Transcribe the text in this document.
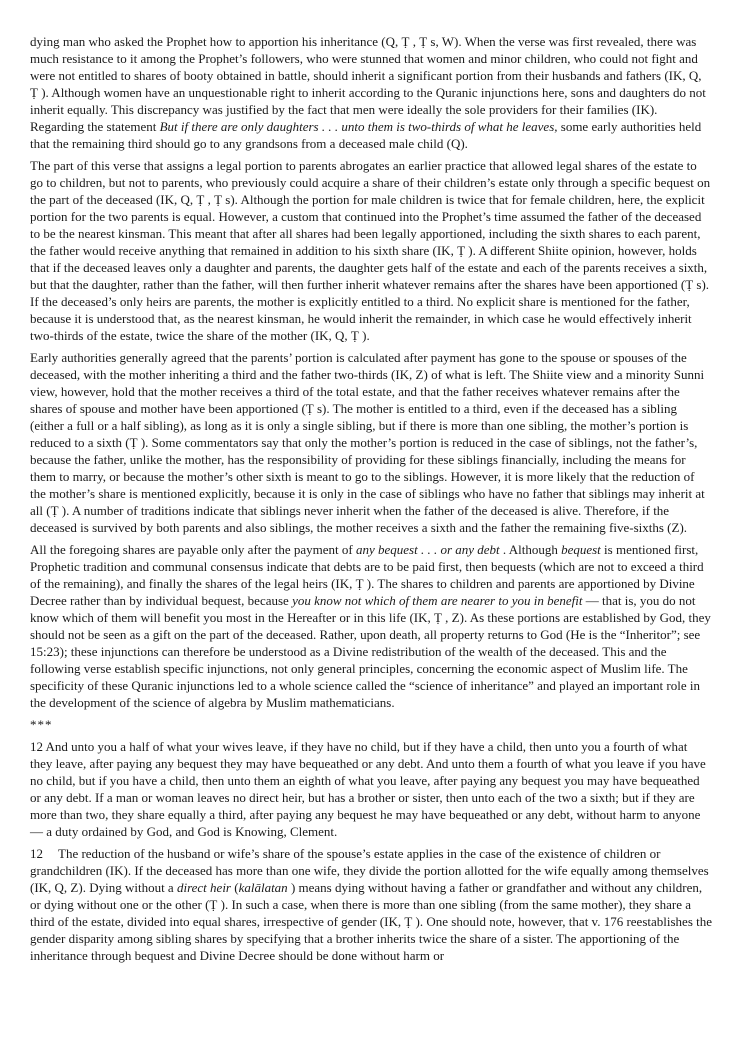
dying man who asked the Prophet how to apportion his inheritance (Q, Ṭ , Ṭ s, W). When the verse was first revealed, there was much resistance to it among the Prophet’s followers, who were stunned that women and minor children, who could not fight and were not entitled to shares of booty obtained in battle, should inherit a significant portion from their husbands and fathers (IK, Q, Ṭ ). Although women have an unquestionable right to inherit according to the Quranic injunctions here, sons and daughters do not inherit equally. This discrepancy was justified by the fact that men were ideally the sole providers for their families (IK). Regarding the statement But if there are only daughters . . . unto them is two-thirds of what he leaves, some early authorities held that the remaining third should go to any grandsons from a deceased male child (Q).

The part of this verse that assigns a legal portion to parents abrogates an earlier practice that allowed legal shares of the estate to go to children, but not to parents, who previously could acquire a share of their children’s estate only through a specific bequest on the part of the deceased (IK, Q, Ṭ , Ṭ s). Although the portion for male children is twice that for female children, here, the explicit portion for the two parents is equal. However, a custom that continued into the Prophet’s time assumed the father of the deceased to be the nearest kinsman. This meant that after all shares had been legally apportioned, including the sixth shares to each parent, the father would receive anything that remained in addition to his sixth share (IK, Ṭ ). A different Shiite opinion, however, holds that if the deceased leaves only a daughter and parents, the daughter gets half of the estate and each of the parents receives a sixth, but that the daughter, rather than the father, will then further inherit whatever remains after the shares have been apportioned (Ṭ s). If the deceased’s only heirs are parents, the mother is explicitly entitled to a third. No explicit share is mentioned for the father, because it is understood that, as the nearest kinsman, he would inherit the remainder, in which case he would effectively inherit two-thirds of the estate, twice the share of the mother (IK, Q, Ṭ ).

Early authorities generally agreed that the parents’ portion is calculated after payment has gone to the spouse or spouses of the deceased, with the mother inheriting a third and the father two-thirds (IK, Z) of what is left. The Shiite view and a minority Sunni view, however, hold that the mother receives a third of the total estate, and that the father receives whatever remains after the shares of spouse and mother have been apportioned (Ṭ s). The mother is entitled to a third, even if the deceased has a sibling (either a full or a half sibling), as long as it is only a single sibling, but if there is more than one sibling, the mother’s portion is reduced to a sixth (Ṭ ). Some commentators say that only the mother’s portion is reduced in the case of siblings, not the father’s, because the father, unlike the mother, has the responsibility of providing for these siblings financially, including the means for them to marry, or because the mother’s other sixth is meant to go to the siblings. However, it is more likely that the reduction of the mother’s share is mentioned explicitly, because it is only in the case of siblings who have no father that siblings may inherit at all (Ṭ ). A number of traditions indicate that siblings never inherit when the father of the deceased is alive. Therefore, if the deceased is survived by both parents and also siblings, the mother receives a sixth and the father the remaining five-sixths (Z).

All the foregoing shares are payable only after the payment of any bequest . . . or any debt . Although bequest is mentioned first, Prophetic tradition and communal consensus indicate that debts are to be paid first, then bequests (which are not to exceed a third of the remaining), and finally the shares of the legal heirs (IK, Ṭ ). The shares to children and parents are apportioned by Divine Decree rather than by individual bequest, because you know not which of them are nearer to you in benefit — that is, you do not know which of them will benefit you most in the Hereafter or in this life (IK, Ṭ , Z). As these portions are established by God, they should not be seen as a gift on the part of the deceased. Rather, upon death, all property returns to God (He is the “Inheritor”; see 15:23); these injunctions can therefore be understood as a Divine redistribution of the wealth of the deceased. This and the following verse establish specific injunctions, not only general principles, concerning the economic aspect of Muslim life. The specificity of these Quranic injunctions led to a whole science called the “science of inheritance” and played an important role in the development of the science of algebra by Muslim mathematicians.

***

12 And unto you a half of what your wives leave, if they have no child, but if they have a child, then unto you a fourth of what they leave, after paying any bequest they may have bequeathed or any debt. And unto them a fourth of what you leave if you have no child, but if you have a child, then unto them an eighth of what you leave, after paying any bequest you may have bequeathed or any debt. If a man or woman leaves no direct heir, but has a brother or sister, then unto each of the two a sixth; but if they are more than two, they share equally a third, after paying any bequest he may have bequeathed or any debt, without harm to anyone— a duty ordained by God, and God is Knowing, Clement.

12 The reduction of the husband or wife’s share of the spouse’s estate applies in the case of the existence of children or grandchildren (IK). If the deceased has more than one wife, they divide the portion allotted for the wife equally among themselves (IK, Q, Z). Dying without a direct heir (kalālatan ) means dying without having a father or grandfather and without any children, or dying without one or the other (Ṭ ). In such a case, when there is more than one sibling (from the same mother), they share a third of the estate, divided into equal shares, irrespective of gender (IK, Ṭ ). One should note, however, that v. 176 reestablishes the gender disparity among sibling shares by specifying that a brother inherits twice the share of a sister. The apportioning of the inheritance through bequest and Divine Decree should be done without harm or
